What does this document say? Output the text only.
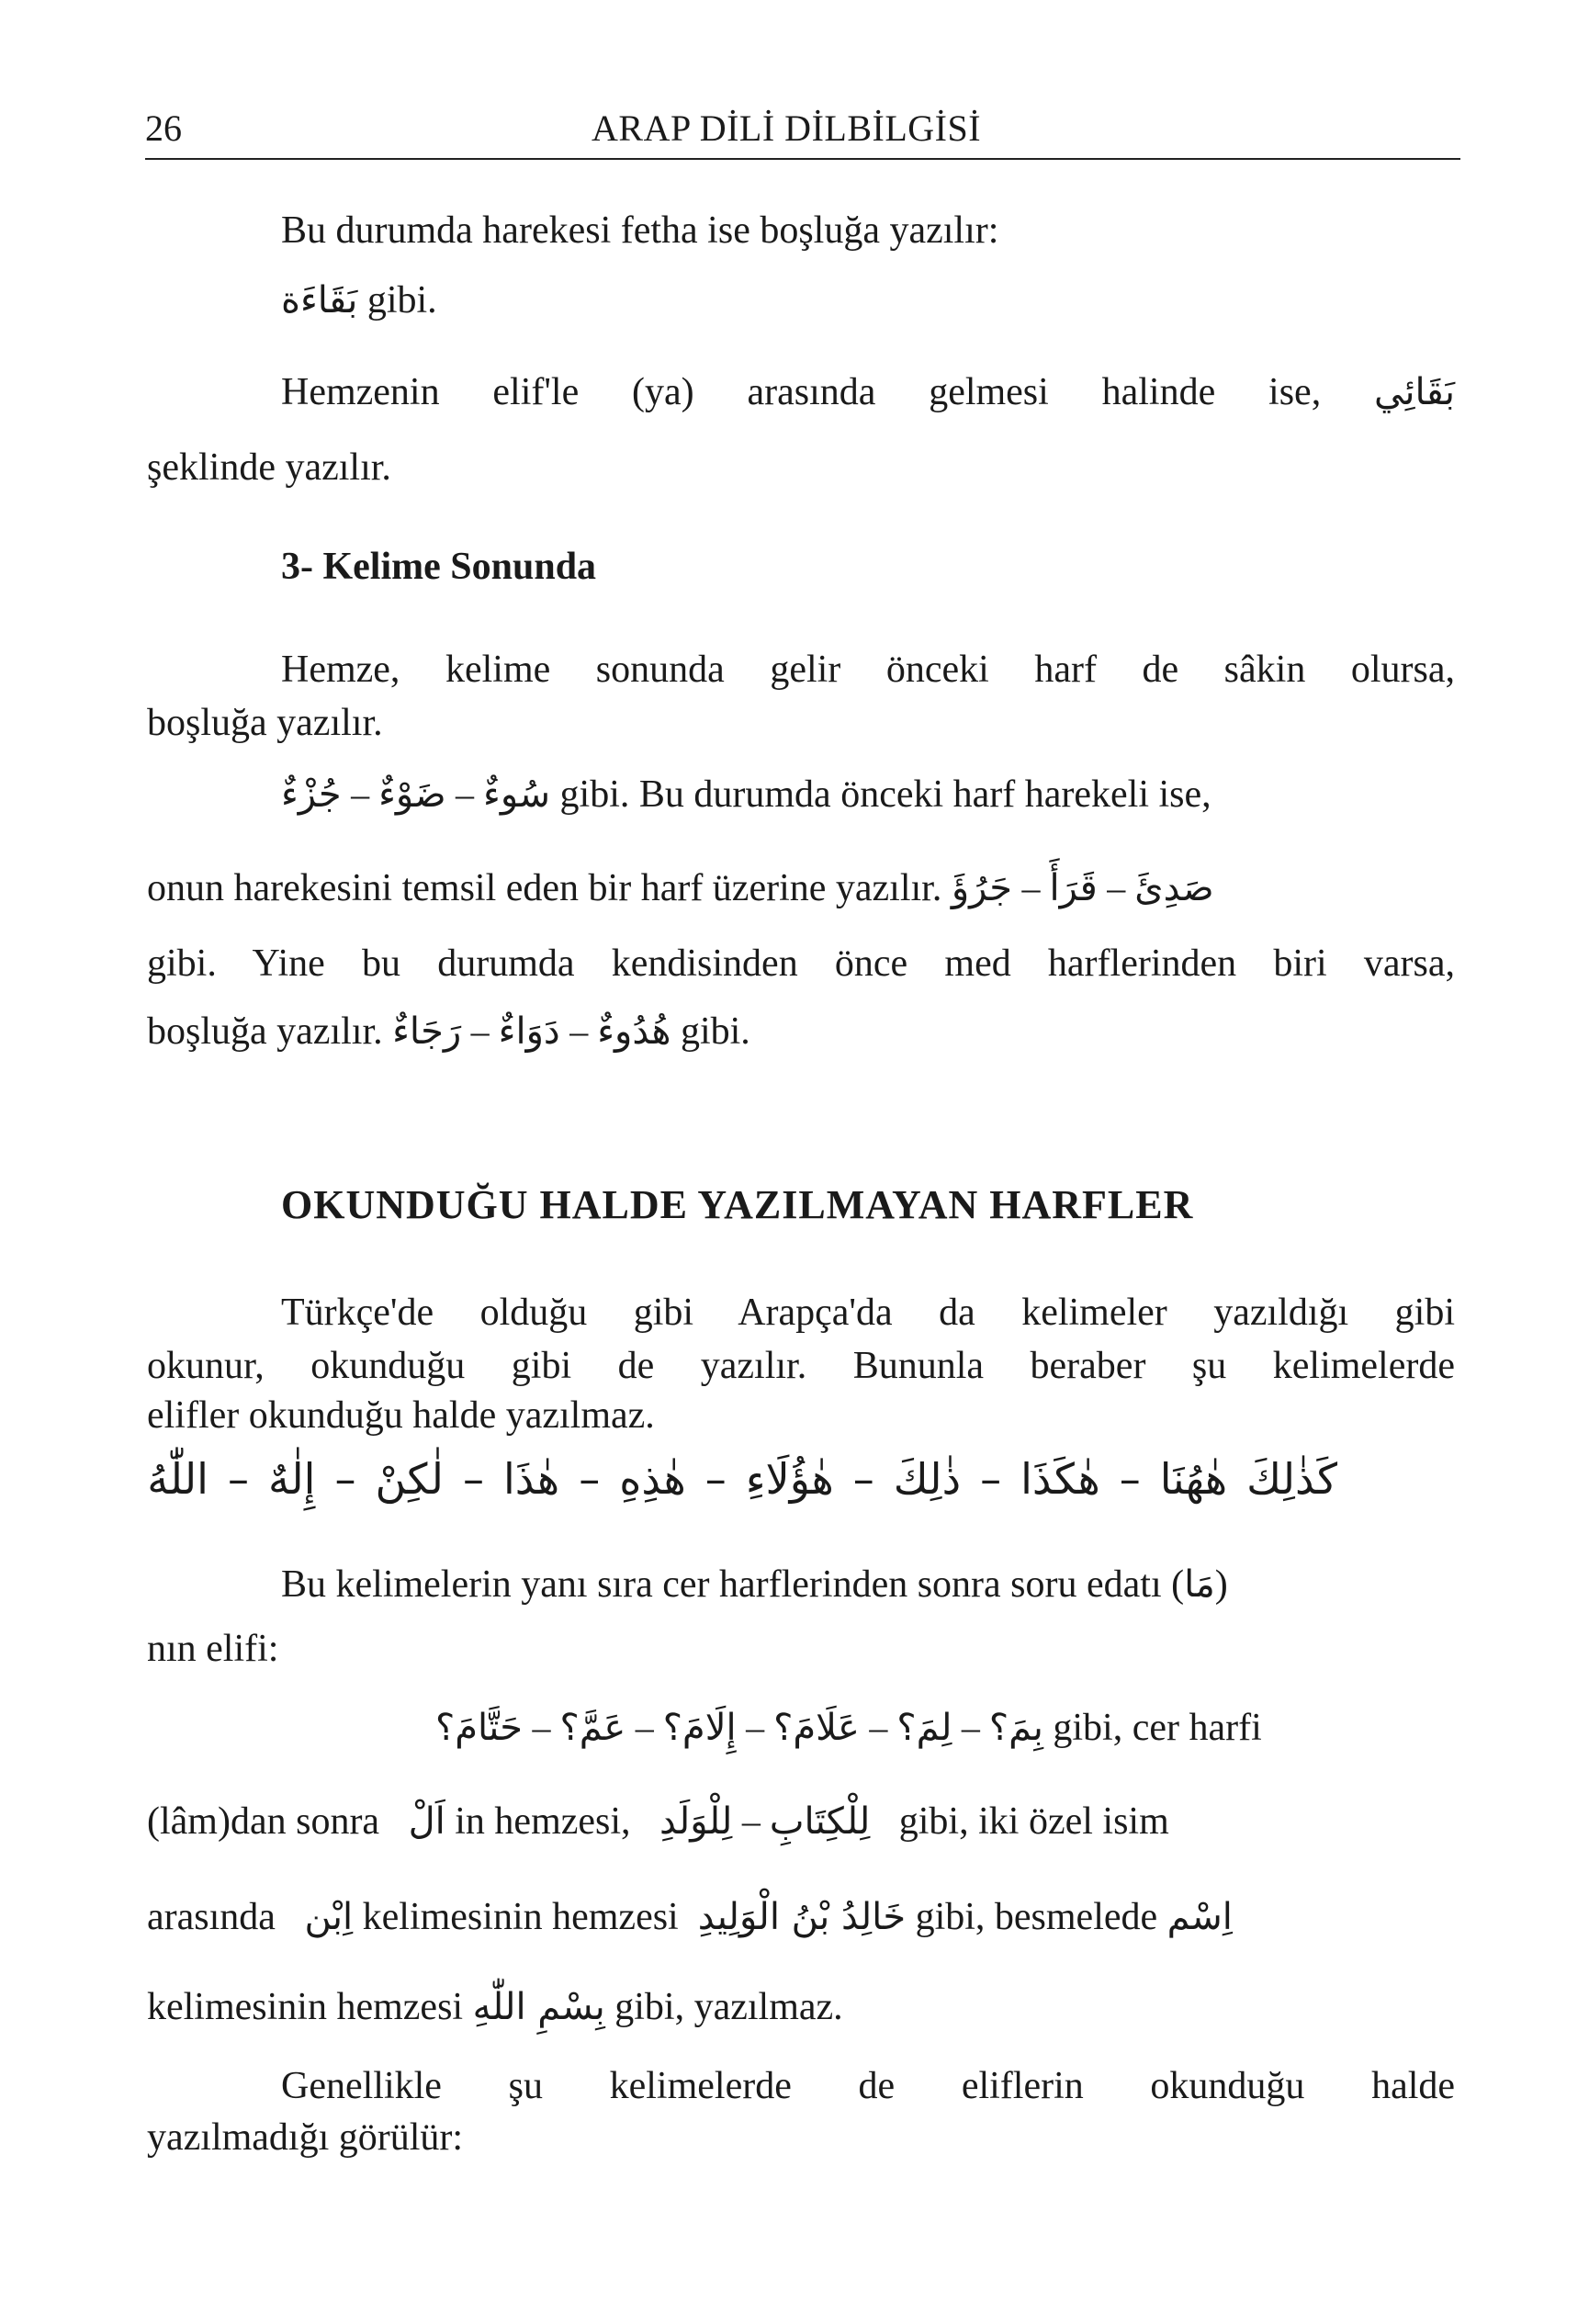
26	ARAP DİLİ DİLBİLGİSİ
Bu durumda harekesi fetha ise boşluğa yazılır:
بَقَاءَة gibi.
Hemzenin elif'le (ya) arasında gelmesi halinde ise, بَقَائِي
şeklinde yazılır.
3- Kelime Sonunda
Hemze, kelime sonunda gelir önceki harf de sâkin olursa,
boşluğa yazılır.
جُزْءٌ – ضَوْءٌ – سُوءٌ gibi. Bu durumda önceki harf harekeli ise,
onun harekesini temsil eden bir harf üzerine yazılır. جَرُؤَ – قَرَأَ – صَدِئَ
gibi. Yine bu durumda kendisinden önce med harflerinden biri varsa,
boşluğa yazılır. رَجَاءٌ – دَوَاءٌ – هُدُوءٌ gibi.
OKUNDUĞU HALDE YAZILMAYAN HARFLER
Türkçe'de olduğu gibi Arapça'da da kelimeler yazıldığı gibi
okunur, okunduğu gibi de yazılır. Bununla beraber şu kelimelerde
elifler okunduğu halde yazılmaz.
كَذٰلِكَ
هٰهُنَا
–
هٰكَذَا
–
ذٰلِكَ
–
هٰؤُلَاءِ
–
هٰذِهِ
–
هٰذَا
–
لٰكِنْ
–
إِلٰهٌ
–
اللّٰهُ
Bu kelimelerin yanı sıra cer harflerinden sonra soru edatı (مَا)
nın elifi:
حَتَّامَ؟ – عَمَّ؟ – إِلَامَ؟ – عَلَامَ؟ – لِمَ؟ – بِمَ؟ gibi, cer harfi
(lâm)dan sonra اَلْ in hemzesi, لِلْوَلَدِ – لِلْكِتَابِ gibi, iki özel isim
arasında اِبْن kelimesinin hemzesi خَالِدُ بْنُ الْوَلِيدِ gibi, besmelede اِسْم
kelimesinin hemzesi بِسْمِ اللّٰهِ gibi, yazılmaz.
Genellikle şu kelimelerde de eliflerin okunduğu halde
yazılmadığı görülür:
